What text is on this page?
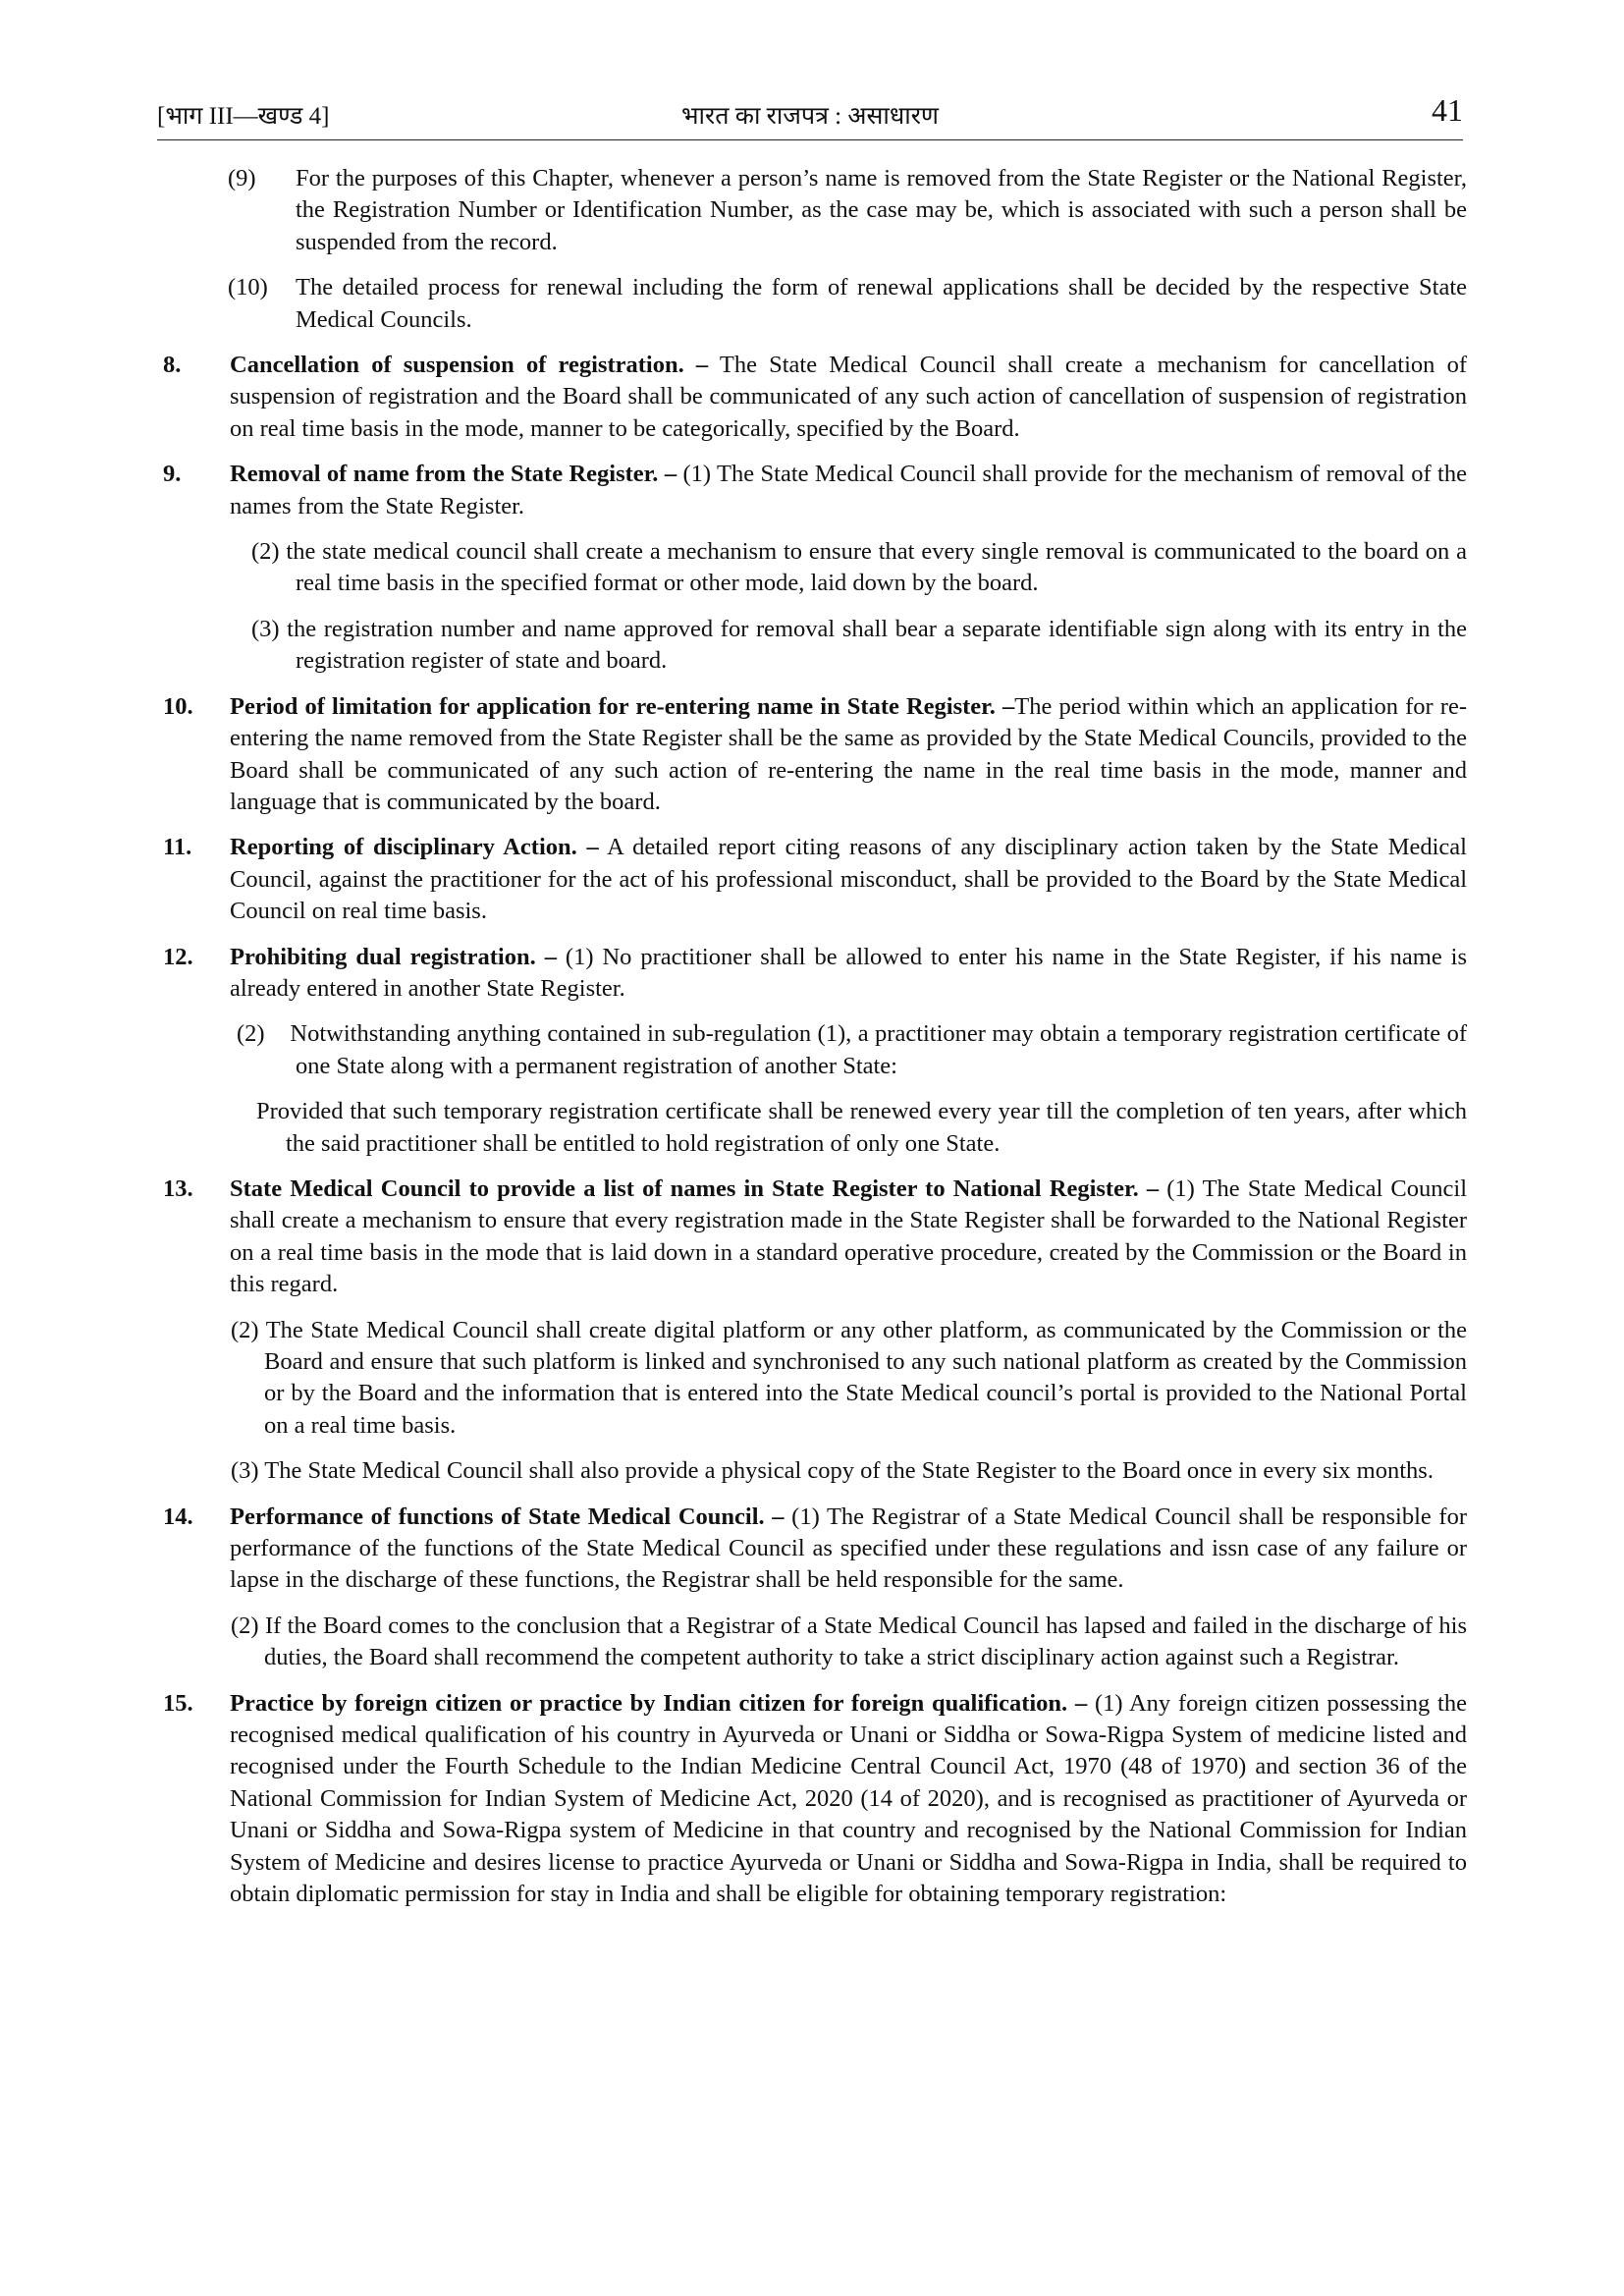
[भाग III—खण्ड 4]	भारत का राजपत्र : असाधारण	41

(9) For the purposes of this Chapter, whenever a person’s name is removed from the State Register or the National Register, the Registration Number or Identification Number, as the case may be, which is associated with such a person shall be suspended from the record.

(10) The detailed process for renewal including the form of renewal applications shall be decided by the respective State Medical Councils.

8. Cancellation of suspension of registration. – The State Medical Council shall create a mechanism for cancellation of suspension of registration and the Board shall be communicated of any such action of cancellation of suspension of registration on real time basis in the mode, manner to be categorically, specified by the Board.

9. Removal of name from the State Register. – (1) The State Medical Council shall provide for the mechanism of removal of the names from the State Register.

(2) the state medical council shall create a mechanism to ensure that every single removal is communicated to the board on a real time basis in the specified format or other mode, laid down by the board.

(3) the registration number and name approved for removal shall bear a separate identifiable sign along with its entry in the registration register of state and board.

10. Period of limitation for application for re-entering name in State Register. –The period within which an application for re-entering the name removed from the State Register shall be the same as provided by the State Medical Councils, provided to the Board shall be communicated of any such action of re-entering the name in the real time basis in the mode, manner and language that is communicated by the board.

11. Reporting of disciplinary Action. – A detailed report citing reasons of any disciplinary action taken by the State Medical Council, against the practitioner for the act of his professional misconduct, shall be provided to the Board by the State Medical Council on real time basis.

12. Prohibiting dual registration. – (1) No practitioner shall be allowed to enter his name in the State Register, if his name is already entered in another State Register.

(2) Notwithstanding anything contained in sub-regulation (1), a practitioner may obtain a temporary registration certificate of one State along with a permanent registration of another State:

Provided that such temporary registration certificate shall be renewed every year till the completion of ten years, after which the said practitioner shall be entitled to hold registration of only one State.

13. State Medical Council to provide a list of names in State Register to National Register. – (1) The State Medical Council shall create a mechanism to ensure that every registration made in the State Register shall be forwarded to the National Register on a real time basis in the mode that is laid down in a standard operative procedure, created by the Commission or the Board in this regard.

(2) The State Medical Council shall create digital platform or any other platform, as communicated by the Commission or the Board and ensure that such platform is linked and synchronised to any such national platform as created by the Commission or by the Board and the information that is entered into the State Medical council’s portal is provided to the National Portal on a real time basis.

(3) The State Medical Council shall also provide a physical copy of the State Register to the Board once in every six months.

14. Performance of functions of State Medical Council. – (1) The Registrar of a State Medical Council shall be responsible for performance of the functions of the State Medical Council as specified under these regulations and issn case of any failure or lapse in the discharge of these functions, the Registrar shall be held responsible for the same.

(2) If the Board comes to the conclusion that a Registrar of a State Medical Council has lapsed and failed in the discharge of his duties, the Board shall recommend the competent authority to take a strict disciplinary action against such a Registrar.

15. Practice by foreign citizen or practice by Indian citizen for foreign qualification. – (1) Any foreign citizen possessing the recognised medical qualification of his country in Ayurveda or Unani or Siddha or Sowa-Rigpa System of medicine listed and recognised under the Fourth Schedule to the Indian Medicine Central Council Act, 1970 (48 of 1970) and section 36 of the National Commission for Indian System of Medicine Act, 2020 (14 of 2020), and is recognised as practitioner of Ayurveda or Unani or Siddha and Sowa-Rigpa system of Medicine in that country and recognised by the National Commission for Indian System of Medicine and desires license to practice Ayurveda or Unani or Siddha and Sowa-Rigpa in India, shall be required to obtain diplomatic permission for stay in India and shall be eligible for obtaining temporary registration:
